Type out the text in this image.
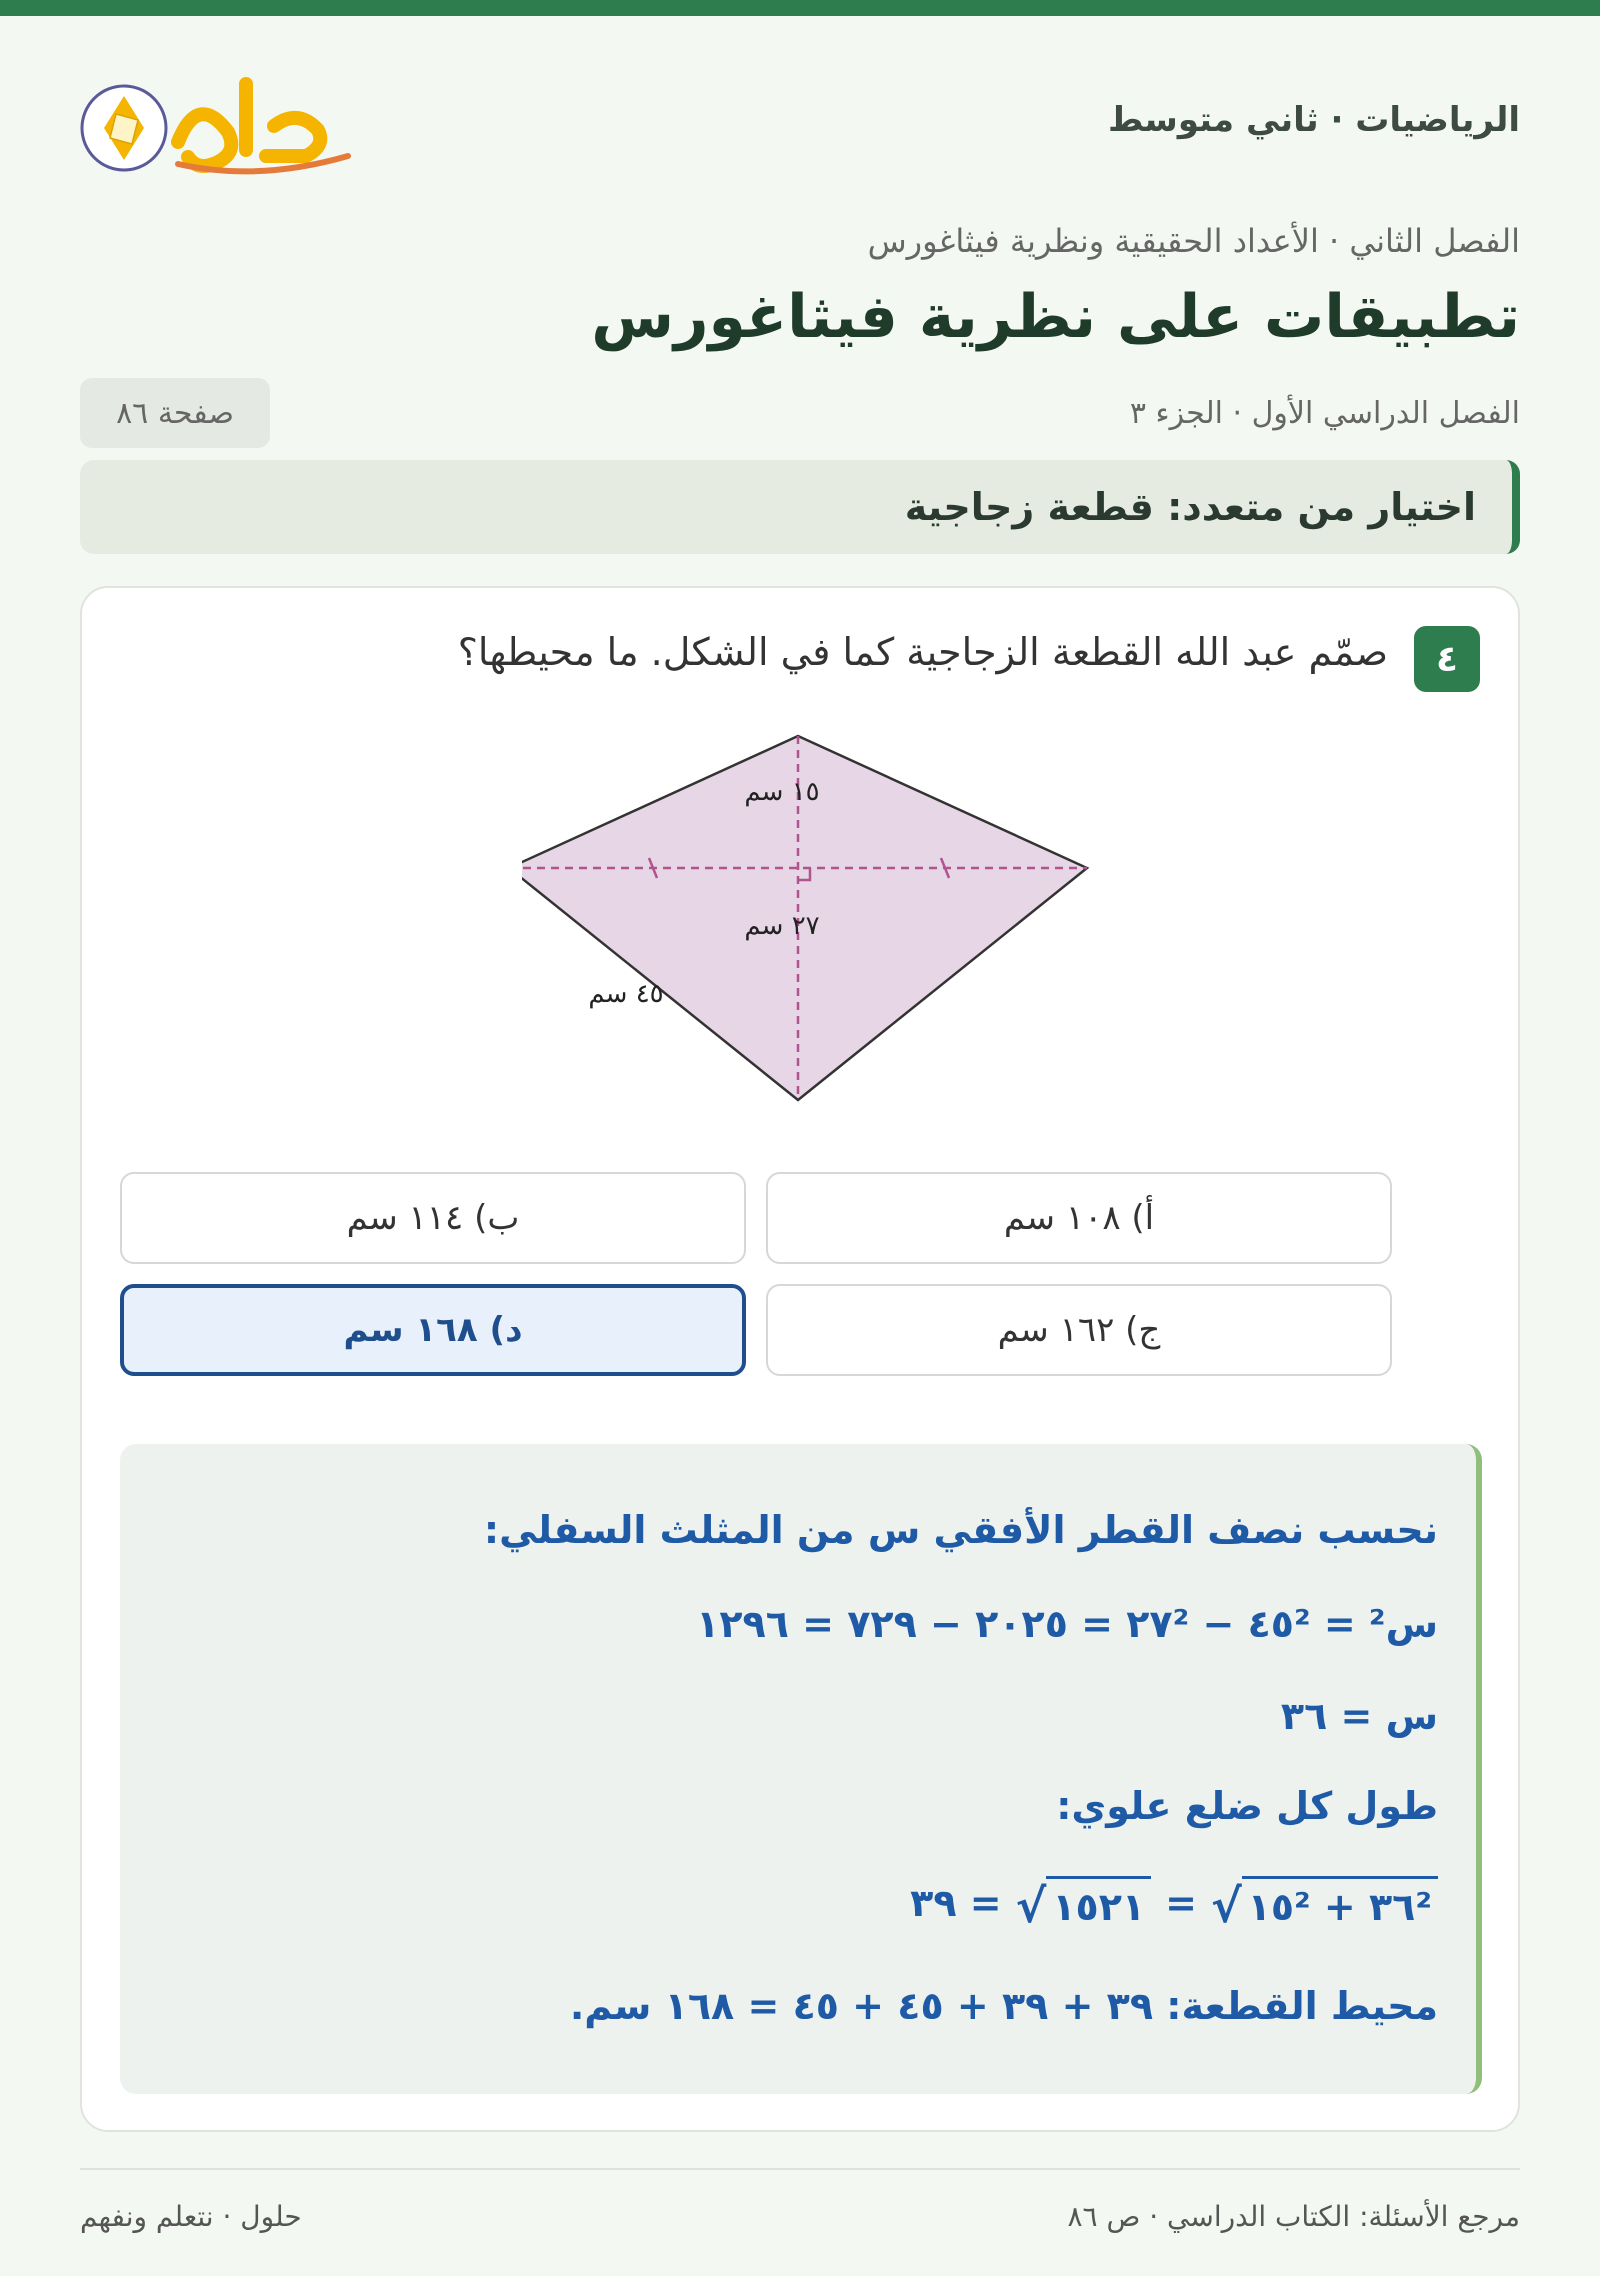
الرياضيات · ثاني متوسط
الفصل الثاني · الأعداد الحقيقية ونظرية فيثاغورس
تطبيقات على نظرية فيثاغورس
الفصل الدراسي الأول · الجزء ٣
صفحة ٨٦
اختيار من متعدد: قطعة زجاجية
٤
صمّم عبد الله القطعة الزجاجية كما في الشكل. ما محيطها؟
١٥ سم
٢٧ سم
٤٥ سم
أ) ١٠٨ سم
ب) ١١٤ سم
ج) ١٦٢ سم
د) ١٦٨ سم
نحسب نصف القطر الأفقي س من المثلث السفلي:
س² = ٤٥² − ٢٧² = ٢٠٢٥ − ٧٢٩ = ١٢٩٦
س = ٣٦
طول كل ضلع علوي:
٣٦² + ١٥²
√
=
١٥٢١
√
= ٣٩
محيط القطعة: ٣٩ + ٣٩ + ٤٥ + ٤٥ = ١٦٨ سم.
مرجع الأسئلة: الكتاب الدراسي · ص ٨٦
حلول · نتعلم ونفهم
